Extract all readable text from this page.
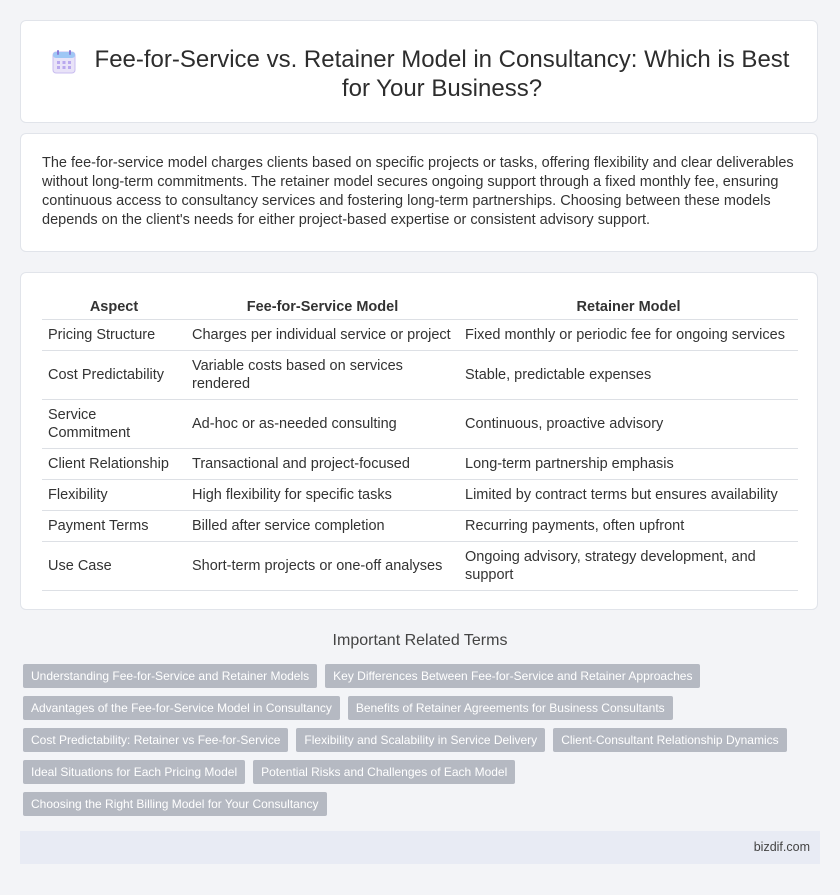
Fee-for-Service vs. Retainer Model in Consultancy: Which is Best for Your Business?

The fee-for-service model charges clients based on specific projects or tasks, offering flexibility and clear deliverables without long-term commitments. The retainer model secures ongoing support through a fixed monthly fee, ensuring continuous access to consultancy services and fostering long-term partnerships. Choosing between these models depends on the client's needs for either project-based expertise or consistent advisory support.

Aspect	Fee-for-Service Model	Retainer Model
Pricing Structure	Charges per individual service or project	Fixed monthly or periodic fee for ongoing services
Cost Predictability	Variable costs based on services rendered	Stable, predictable expenses
Service Commitment	Ad-hoc or as-needed consulting	Continuous, proactive advisory
Client Relationship	Transactional and project-focused	Long-term partnership emphasis
Flexibility	High flexibility for specific tasks	Limited by contract terms but ensures availability
Payment Terms	Billed after service completion	Recurring payments, often upfront
Use Case	Short-term projects or one-off analyses	Ongoing advisory, strategy development, and support
Important Related Terms
Understanding Fee-for-Service and Retainer Models	Key Differences Between Fee-for-Service and Retainer Approaches
Advantages of the Fee-for-Service Model in Consultancy	Benefits of Retainer Agreements for Business Consultants
Cost Predictability: Retainer vs Fee-for-Service	Flexibility and Scalability in Service Delivery	Client-Consultant Relationship Dynamics
Ideal Situations for Each Pricing Model	Potential Risks and Challenges of Each Model
Choosing the Right Billing Model for Your Consultancy
bizdif.com
